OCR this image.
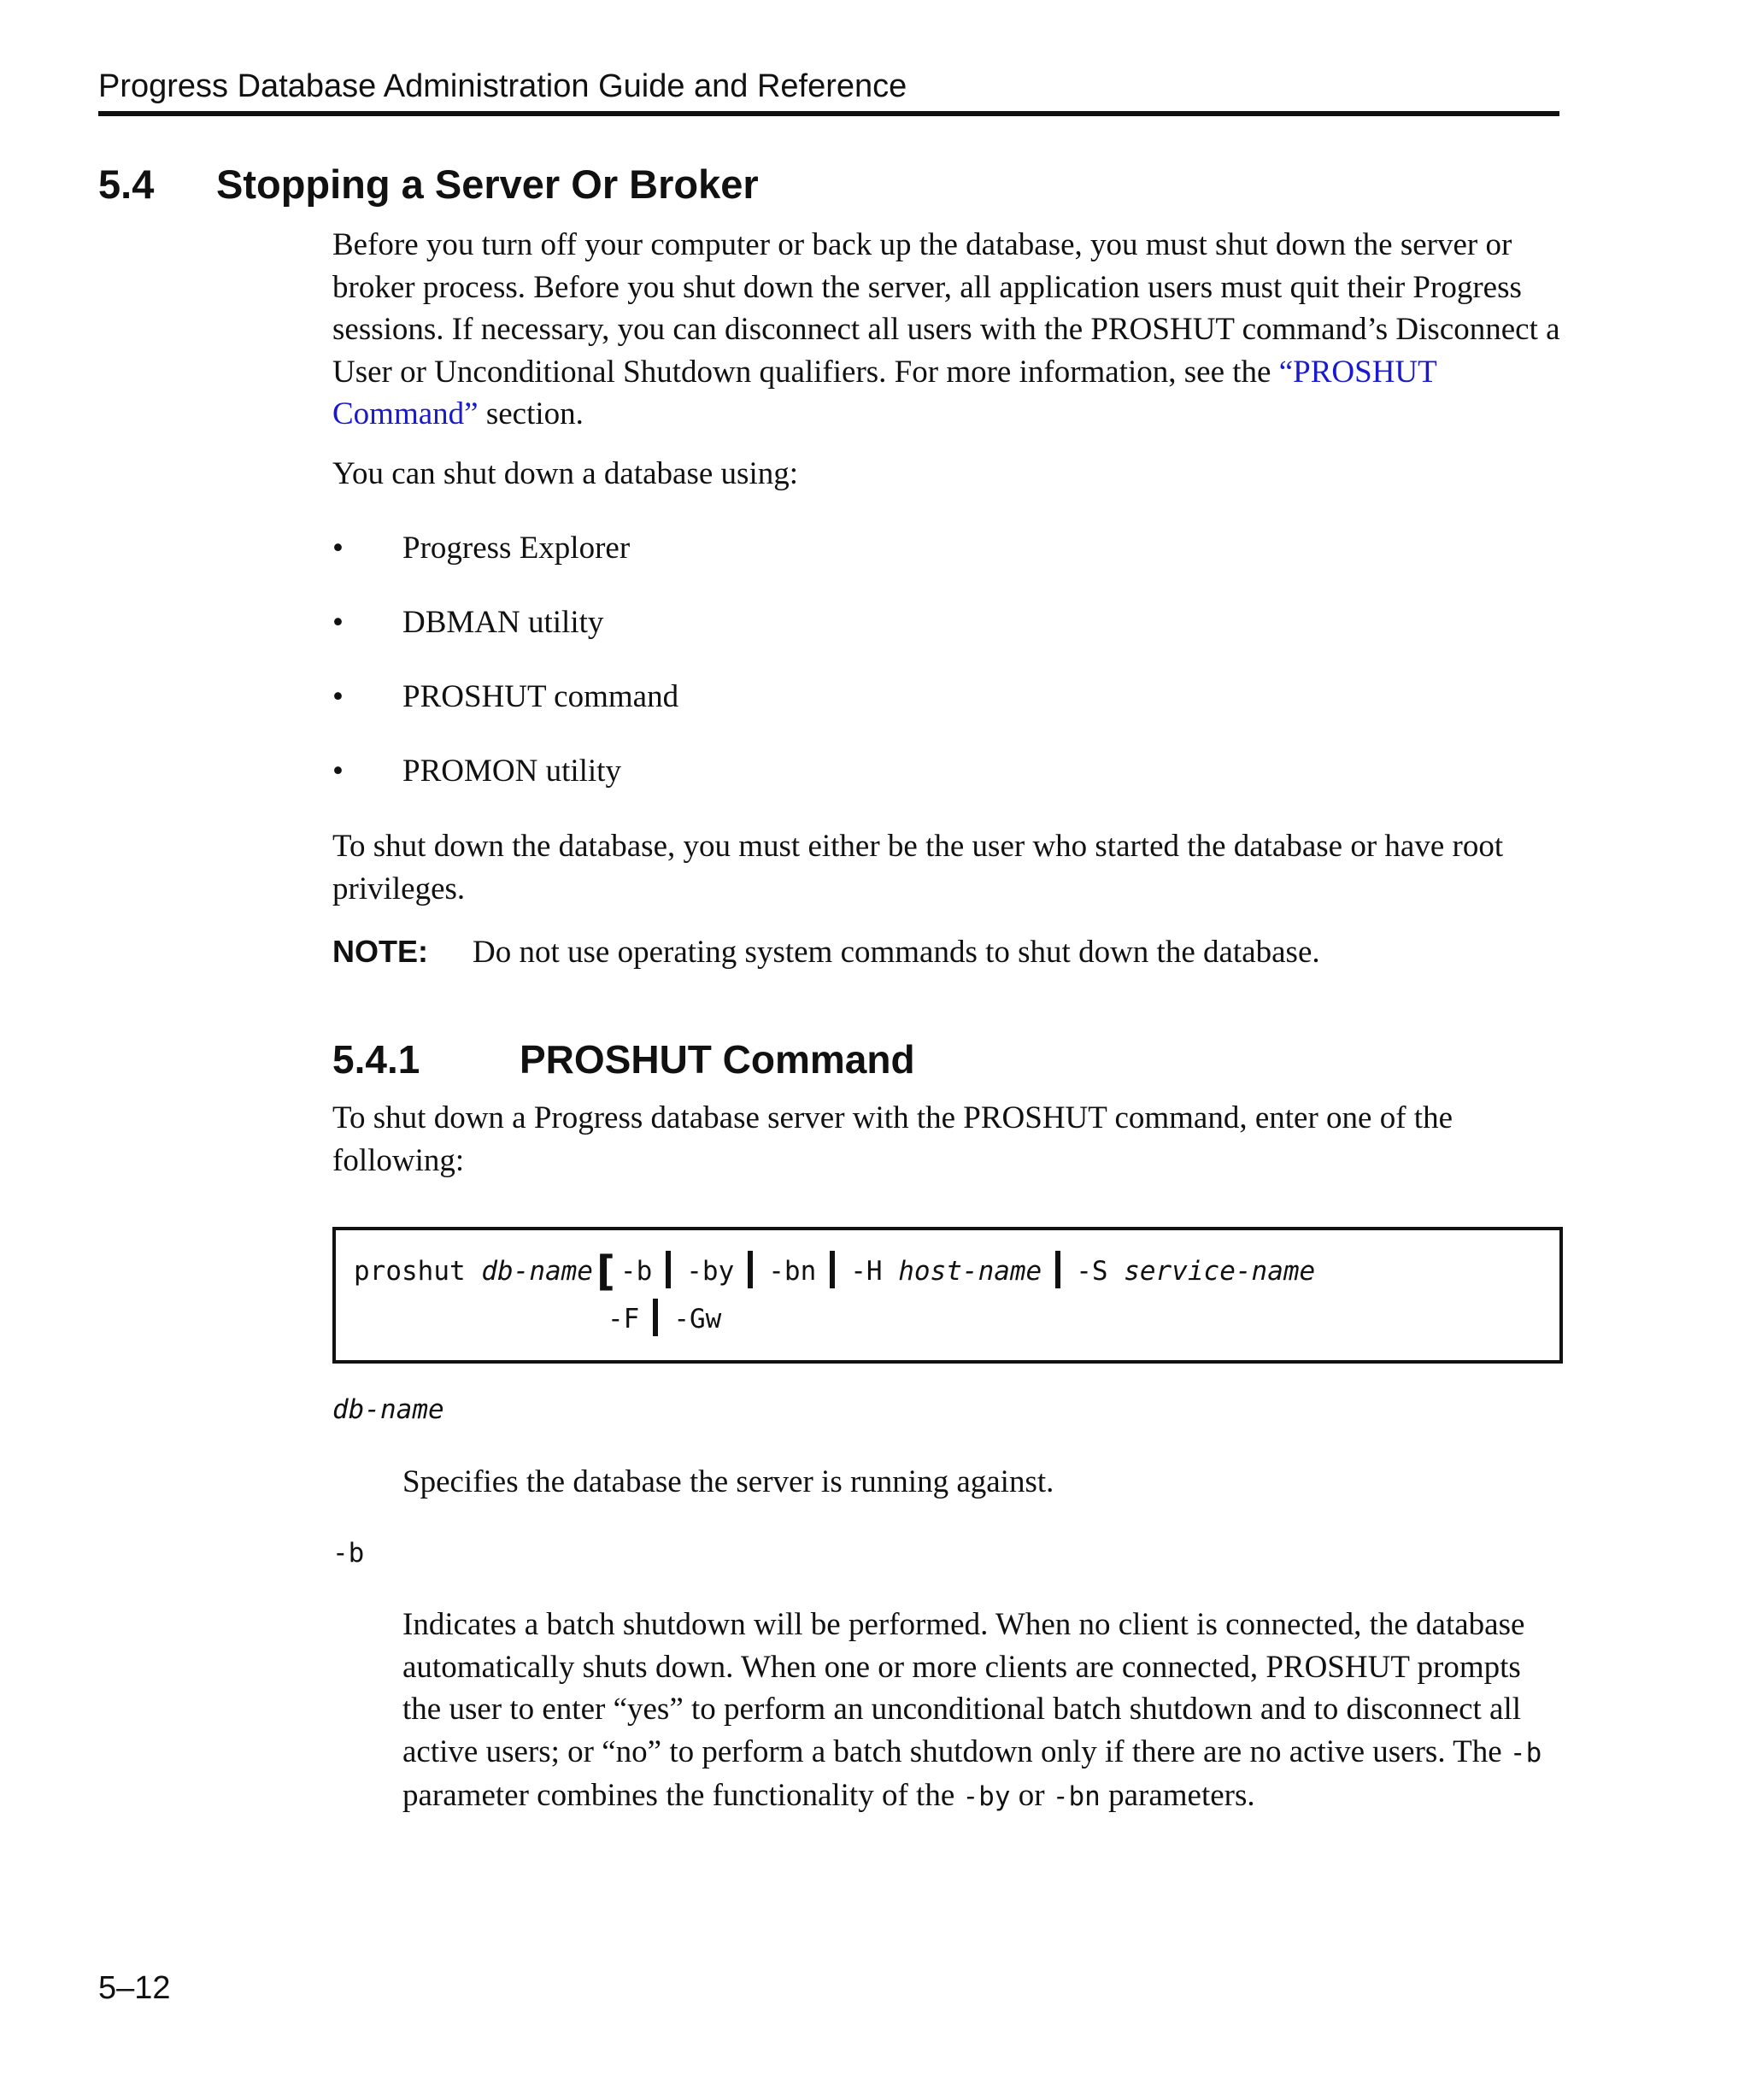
Progress Database Administration Guide and Reference
5.4 Stopping a Server Or Broker
Before you turn off your computer or back up the database, you must shut down the server or broker process. Before you shut down the server, all application users must quit their Progress sessions. If necessary, you can disconnect all users with the PROSHUT command’s Disconnect a User or Unconditional Shutdown qualifiers. For more information, see the “PROSHUT Command” section.
You can shut down a database using:
• Progress Explorer
• DBMAN utility
• PROSHUT command
• PROMON utility
To shut down the database, you must either be the user who started the database or have root privileges.
NOTE: Do not use operating system commands to shut down the database.
5.4.1	PROSHUT Command
To shut down a Progress database server with the PROSHUT command, enter one of the following:
proshut db-name[ -b -by -bn -H host-name -S service-name
-F -Gw
db-name
Specifies the database the server is running against.
-b
Indicates a batch shutdown will be performed. When no client is connected, the database automatically shuts down. When one or more clients are connected, PROSHUT prompts the user to enter “yes” to perform an unconditional batch shutdown and to disconnect all active users; or “no” to perform a batch shutdown only if there are no active users. The -b parameter combines the functionality of the -by or -bn parameters.
5–12
